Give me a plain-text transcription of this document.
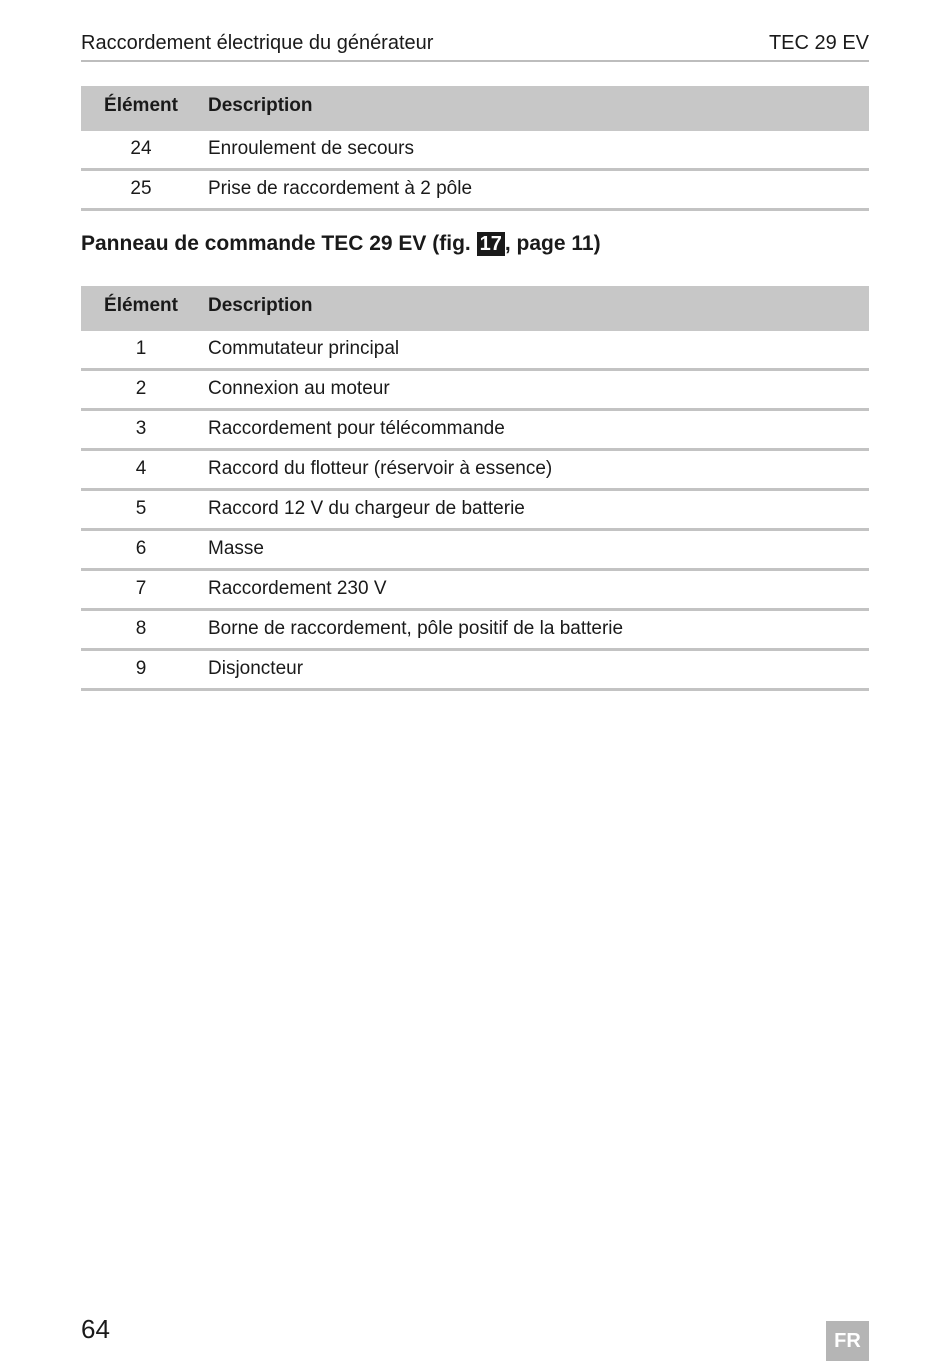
Raccordement électrique du générateur	TEC 29 EV
Élément	Description
24	Enroulement de secours
25	Prise de raccordement à 2 pôle
Panneau de commande TEC 29 EV (fig. 17 , page 11)
Élément	Description
1	Commutateur principal
2	Connexion au moteur
3	Raccordement pour télécommande
4	Raccord du flotteur (réservoir à essence)
5	Raccord 12 V du chargeur de batterie
6	Masse
7	Raccordement 230 V
8	Borne de raccordement, pôle positif de la batterie
9	Disjoncteur
64	FR
